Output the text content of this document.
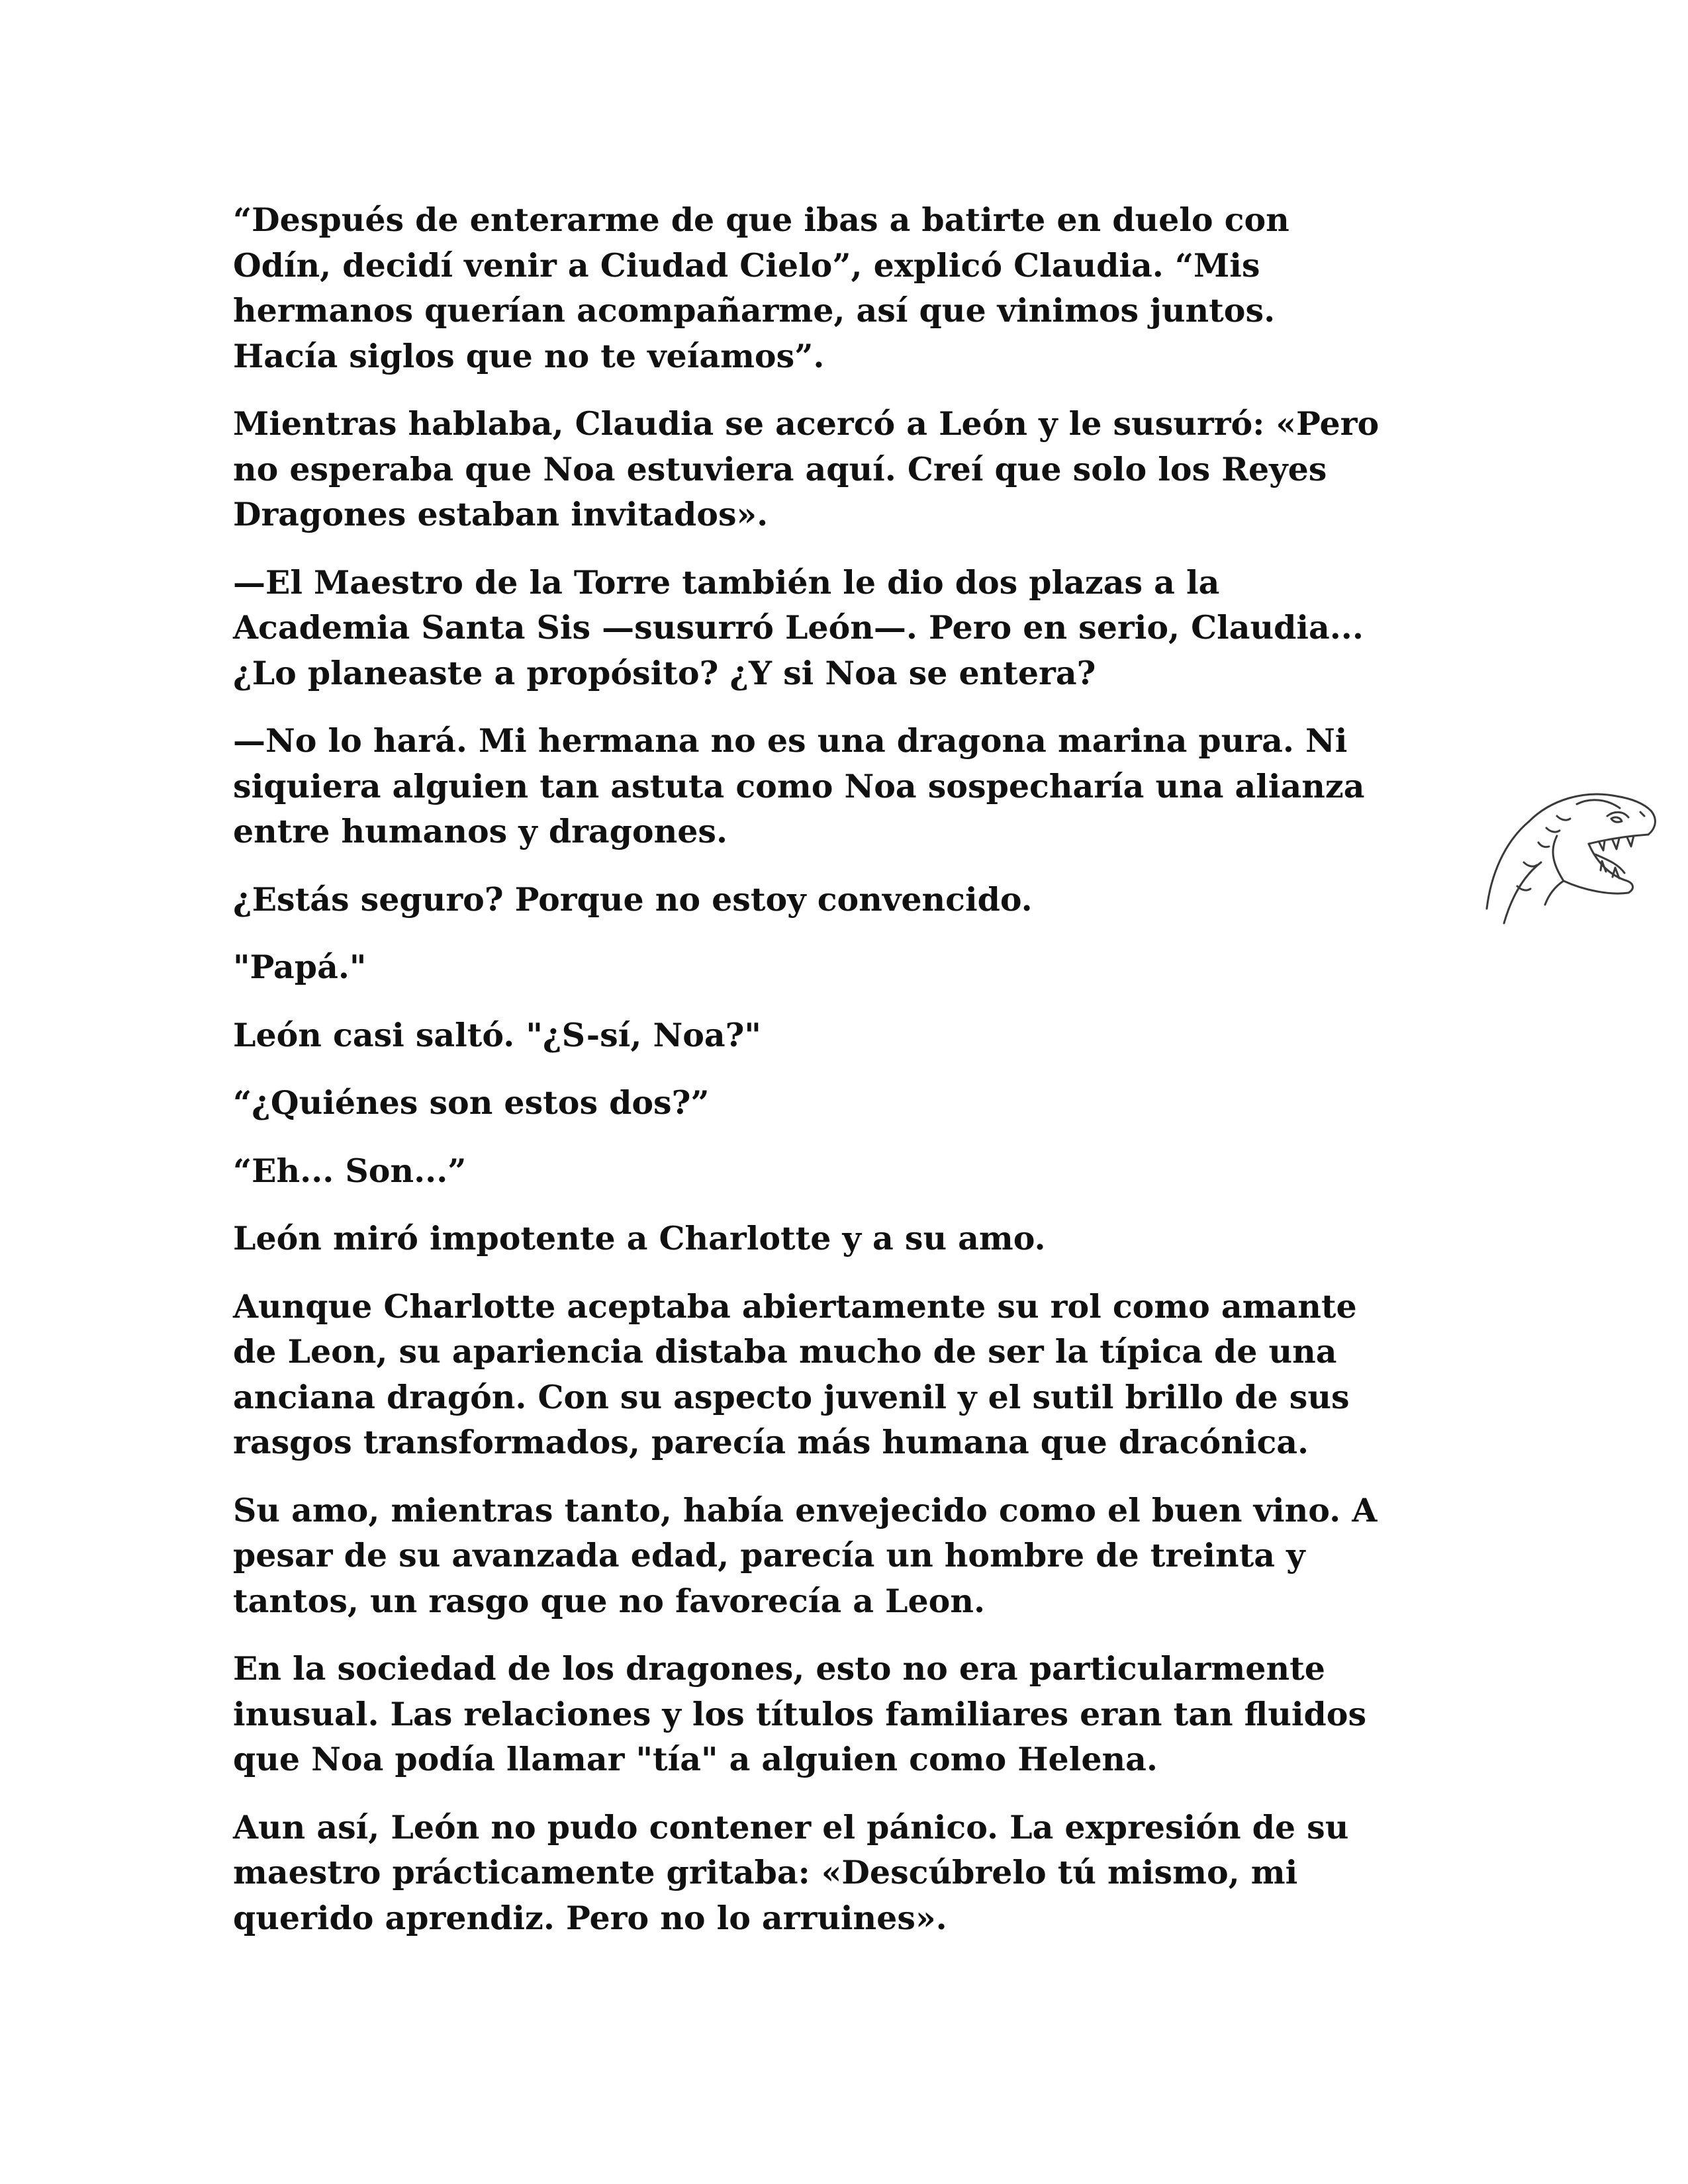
“Después de enterarme de que ibas a batirte en duelo con
Odín, decidí venir a Ciudad Cielo”, explicó Claudia. “Mis
hermanos querían acompañarme, así que vinimos juntos.
Hacía siglos que no te veíamos”.

Mientras hablaba, Claudia se acercó a León y le susurró: «Pero
no esperaba que Noa estuviera aquí. Creí que solo los Reyes
Dragones estaban invitados».

—El Maestro de la Torre también le dio dos plazas a la
Academia Santa Sis —susurró León—. Pero en serio, Claudia...
¿Lo planeaste a propósito? ¿Y si Noa se entera?

—No lo hará. Mi hermana no es una dragona marina pura. Ni
siquiera alguien tan astuta como Noa sospecharía una alianza
entre humanos y dragones.

¿Estás seguro? Porque no estoy convencido.

"Papá."

León casi saltó. "¿S-sí, Noa?"

“¿Quiénes son estos dos?”

“Eh... Son...”

León miró impotente a Charlotte y a su amo.

Aunque Charlotte aceptaba abiertamente su rol como amante
de Leon, su apariencia distaba mucho de ser la típica de una
anciana dragón. Con su aspecto juvenil y el sutil brillo de sus
rasgos transformados, parecía más humana que dracónica.

Su amo, mientras tanto, había envejecido como el buen vino. A
pesar de su avanzada edad, parecía un hombre de treinta y
tantos, un rasgo que no favorecía a Leon.

En la sociedad de los dragones, esto no era particularmente
inusual. Las relaciones y los títulos familiares eran tan fluidos
que Noa podía llamar "tía" a alguien como Helena.

Aun así, León no pudo contener el pánico. La expresión de su
maestro prácticamente gritaba: «Descúbrelo tú mismo, mi
querido aprendiz. Pero no lo arruines».
